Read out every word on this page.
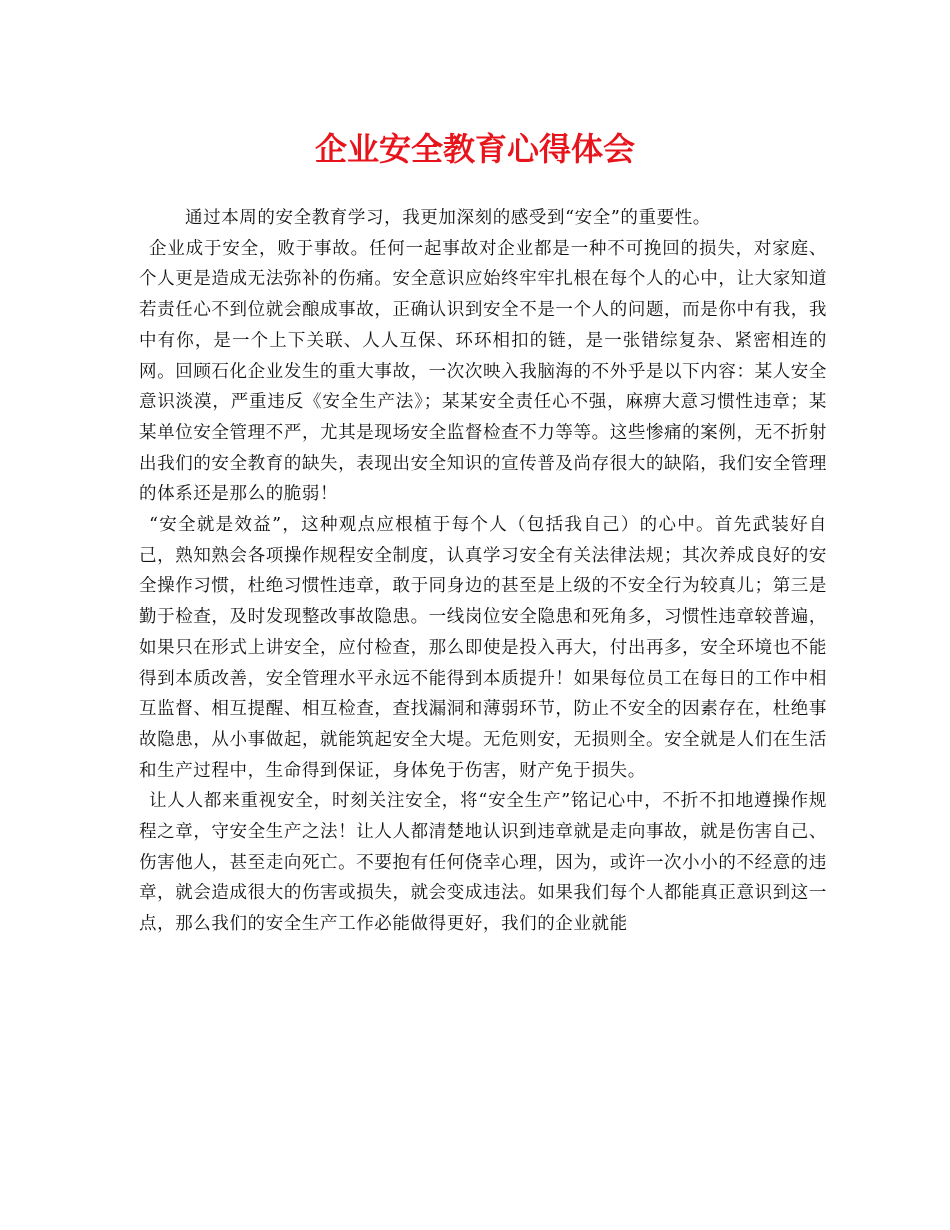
企业安全教育心得体会

通过本周的安全教育学习，我更加深刻的感受到“安全”的重要性。

企业成于安全，败于事故。任何一起事故对企业都是一种不可挽回的损失，对家庭、个人更是造成无法弥补的伤痛。安全意识应始终牢牢扎根在每个人的心中，让大家知道若责任心不到位就会酿成事故，正确认识到安全不是一个人的问题，而是你中有我，我中有你，是一个上下关联、人人互保、环环相扣的链，是一张错综复杂、紧密相连的网。回顾石化企业发生的重大事故，一次次映入我脑海的不外乎是以下内容：某人安全意识淡漠，严重违反《安全生产法》；某某安全责任心不强，麻痹大意习惯性违章；某某单位安全管理不严，尤其是现场安全监督检查不力等等。这些惨痛的案例，无不折射出我们的安全教育的缺失，表现出安全知识的宣传普及尚存很大的缺陷，我们安全管理的体系还是那么的脆弱！

“安全就是效益”，这种观点应根植于每个人（包括我自己）的心中。首先武装好自己，熟知熟会各项操作规程安全制度，认真学习安全有关法律法规；其次养成良好的安全操作习惯，杜绝习惯性违章，敢于同身边的甚至是上级的不安全行为较真儿；第三是勤于检查，及时发现整改事故隐患。一线岗位安全隐患和死角多，习惯性违章较普遍，如果只在形式上讲安全，应付检查，那么即使是投入再大，付出再多，安全环境也不能得到本质改善，安全管理水平永远不能得到本质提升！如果每位员工在每日的工作中相互监督、相互提醒、相互检查，查找漏洞和薄弱环节，防止不安全的因素存在，杜绝事故隐患，从小事做起，就能筑起安全大堤。无危则安，无损则全。安全就是人们在生活和生产过程中，生命得到保证，身体免于伤害，财产免于损失。

让人人都来重视安全，时刻关注安全，将“安全生产”铭记心中，不折不扣地遵操作规程之章，守安全生产之法！让人人都清楚地认识到违章就是走向事故，就是伤害自己、伤害他人，甚至走向死亡。不要抱有任何侥幸心理，因为，或许一次小小的不经意的违章，就会造成很大的伤害或损失，就会变成违法。如果我们每个人都能真正意识到这一点，那么我们的安全生产工作必能做得更好，我们的企业就能
